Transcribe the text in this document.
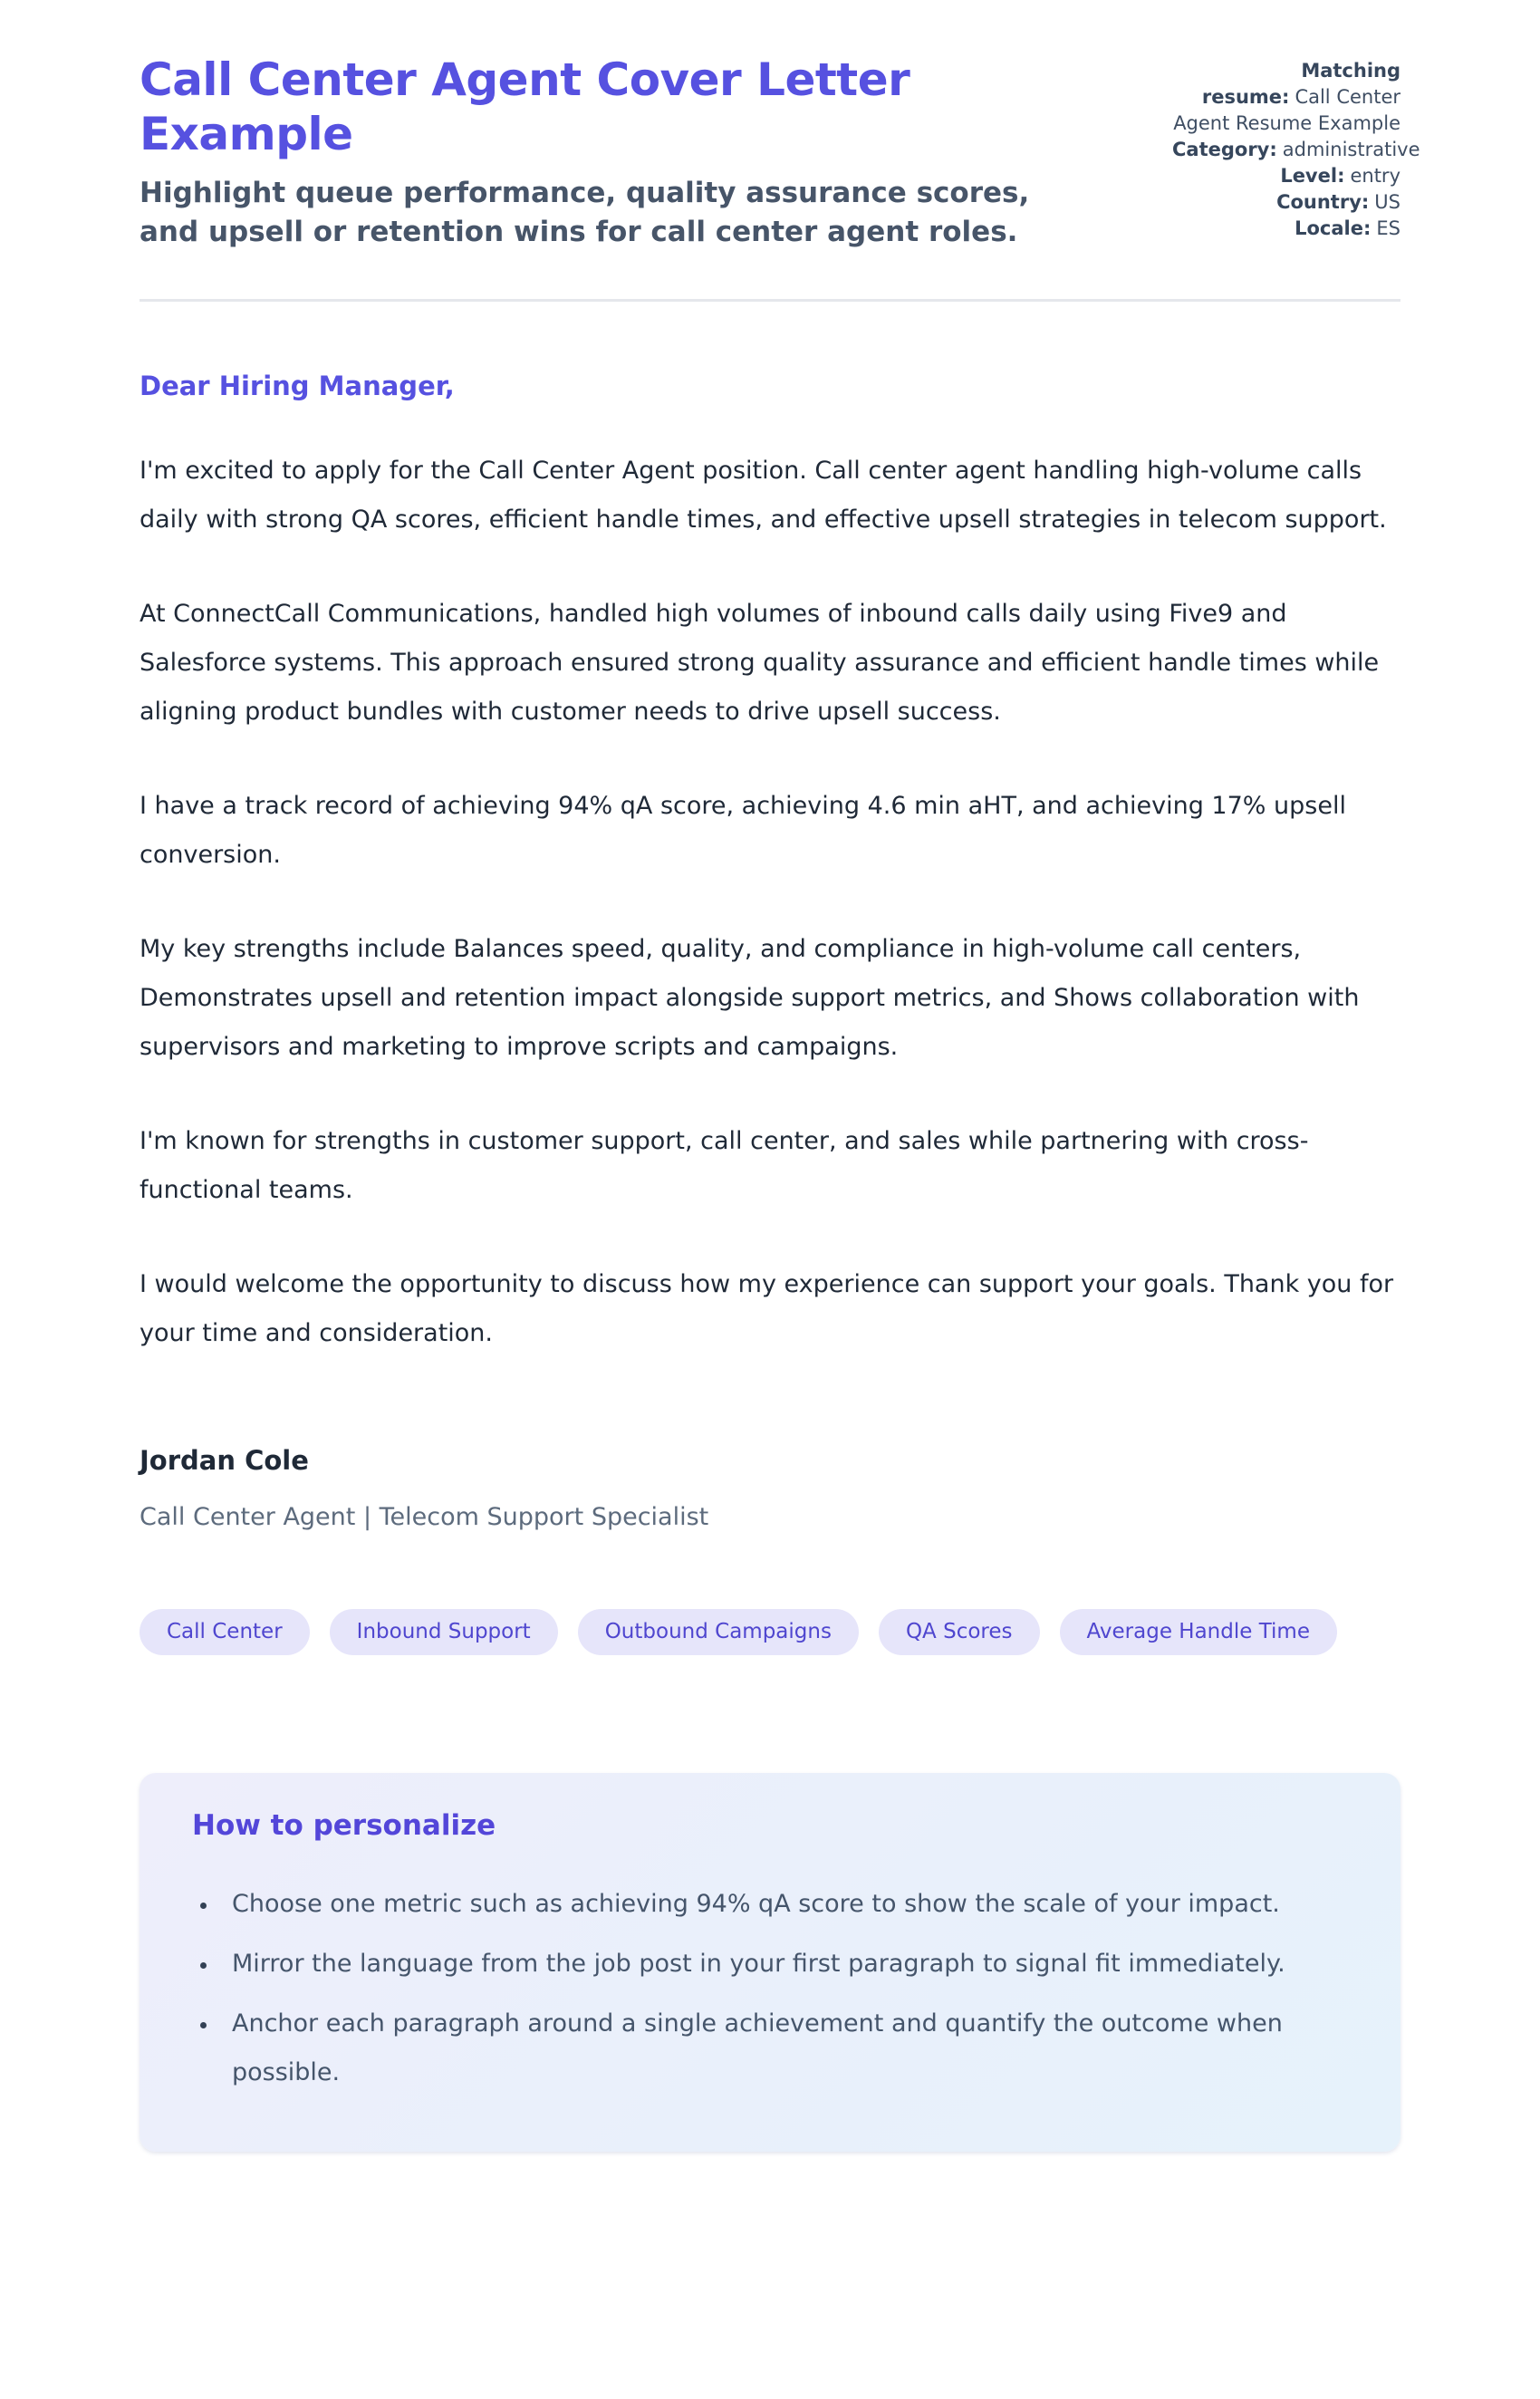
Call Center Agent Cover Letter Example

Highlight queue performance, quality assurance scores, and upsell or retention wins for call center agent roles.

Matching resume: Call Center Agent Resume Example
Category: administrative
Level: entry
Country: US
Locale: ES

Dear Hiring Manager,

I'm excited to apply for the Call Center Agent position. Call center agent handling high-volume calls daily with strong QA scores, efficient handle times, and effective upsell strategies in telecom support.

At ConnectCall Communications, handled high volumes of inbound calls daily using Five9 and Salesforce systems. This approach ensured strong quality assurance and efficient handle times while aligning product bundles with customer needs to drive upsell success.

I have a track record of achieving 94% qA score, achieving 4.6 min aHT, and achieving 17% upsell conversion.

My key strengths include Balances speed, quality, and compliance in high-volume call centers, Demonstrates upsell and retention impact alongside support metrics, and Shows collaboration with supervisors and marketing to improve scripts and campaigns.

I'm known for strengths in customer support, call center, and sales while partnering with cross-functional teams.

I would welcome the opportunity to discuss how my experience can support your goals. Thank you for your time and consideration.

Jordan Cole
Call Center Agent | Telecom Support Specialist
Call Center	Inbound Support	Outbound Campaigns	QA Scores	Average Handle Time
How to personalize
• Choose one metric such as achieving 94% qA score to show the scale of your impact.
• Mirror the language from the job post in your first paragraph to signal fit immediately.
• Anchor each paragraph around a single achievement and quantify the outcome when possible.
